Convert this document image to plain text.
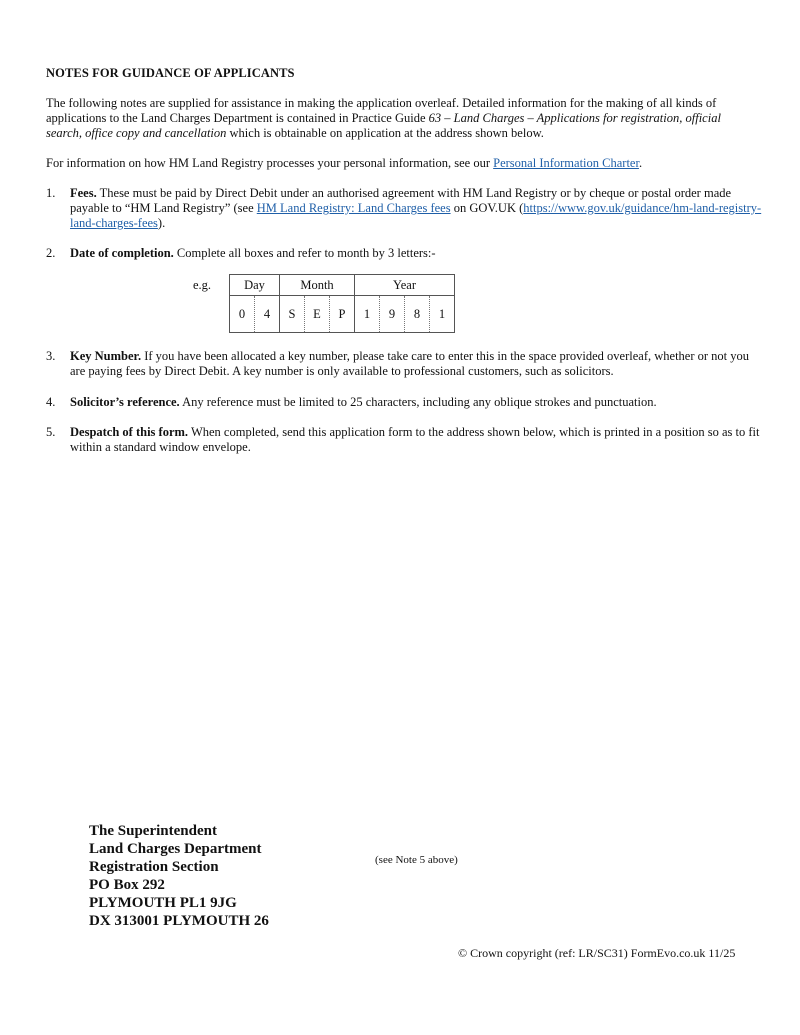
NOTES FOR GUIDANCE OF APPLICANTS
The following notes are supplied for assistance in making the application overleaf. Detailed information for the making of all kinds of applications to the Land Charges Department is contained in Practice Guide 63 – Land Charges – Applications for registration, official search, office copy and cancellation which is obtainable on application at the address shown below.
For information on how HM Land Registry processes your personal information, see our Personal Information Charter.
1. Fees. These must be paid by Direct Debit under an authorised agreement with HM Land Registry or by cheque or postal order made payable to “HM Land Registry” (see HM Land Registry: Land Charges fees on GOV.UK (https://www.gov.uk/guidance/hm-land-registry-land-charges-fees).
2. Date of completion. Complete all boxes and refer to month by 3 letters:-
e.g.	Day		Month			Year			
0	4	S	E	P	1	9	8	1
3. Key Number. If you have been allocated a key number, please take care to enter this in the space provided overleaf, whether or not you are paying fees by Direct Debit. A key number is only available to professional customers, such as solicitors.
4. Solicitor’s reference. Any reference must be limited to 25 characters, including any oblique strokes and punctuation.
5. Despatch of this form. When completed, send this application form to the address shown below, which is printed in a position so as to fit within a standard window envelope.
The Superintendent
Land Charges Department
Registration Section
PO Box 292
PLYMOUTH PL1 9JG
DX 313001 PLYMOUTH 26
(see Note 5 above)
© Crown copyright (ref: LR/SC31) FormEvo.co.uk 11/25
